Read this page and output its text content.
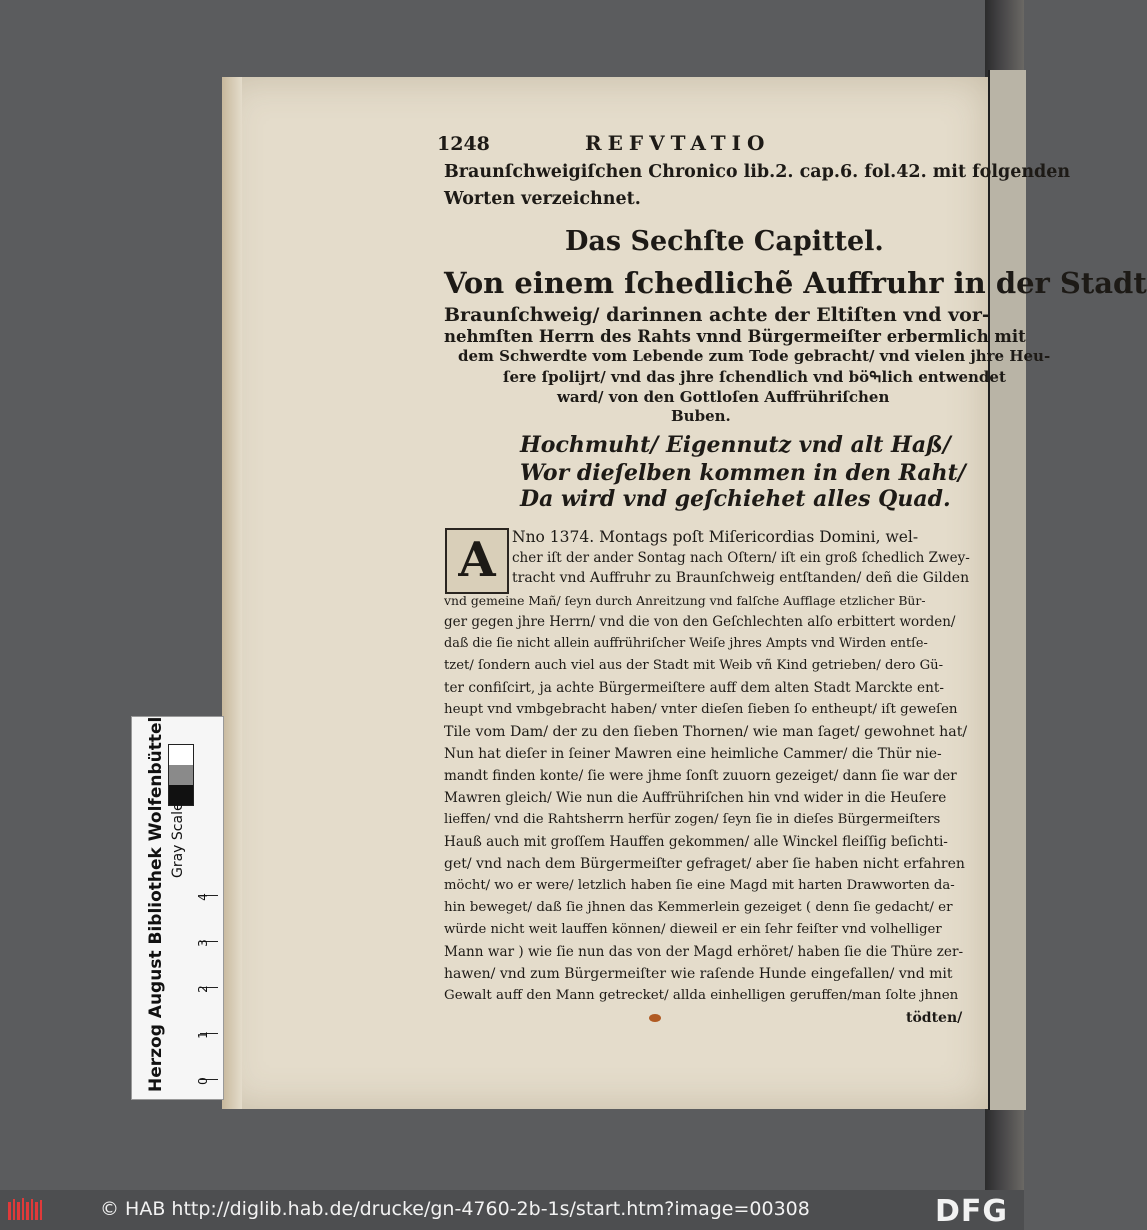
1248	REFVTATIO
Braunſchweigiſchen Chronico lib.2. cap.6. fol.42. mit folgenden
Worten verzeichnet.
Das Sechſte Capittel.
Von einem ſchedlichẽ Auffruhr in der Stadt
Braunſchweig/ darinnen achte der Eltiſten vnd vor-
nehmſten Herrn des Rahts vnnd Bürgermeiſter erbermlich mit
dem Schwerdte vom Lebende zum Tode gebracht/ vnd vielen jhre Heu-
ſere ſpolijrt/ vnd das jhre ſchendlich vnd böߒlich entwendet
ward/ von den Gottloſen Auffrühriſchen
Buben.
Hochmuht/ Eigennutz vnd alt Haß/
Wor dieſelben kommen in den Raht/
Da wird vnd geſchiehet alles Quad.
A	Nno 1374. Montags poſt Miſericordias Domini, wel-
cher iſt der ander Sontag nach Oſtern/ iſt ein groß ſchedlich Zwey-
tracht vnd Auffruhr zu Braunſchweig entſtanden/ deñ die Gilden
vnd gemeine Mañ/ ſeyn durch Anreitzung vnd falſche Aufflage etzlicher Bür-
ger gegen jhre Herrn/ vnd die von den Geſchlechten alſo erbittert worden/
daß die ſie nicht allein auffrühriſcher Weiſe jhres Ampts vnd Wirden entſe-
tzet/ ſondern auch viel aus der Stadt mit Weib vñ Kind getrieben/ dero Gü-
ter confiſcirt, ja achte Bürgermeiſtere auff dem alten Stadt Marckte ent-
heupt vnd vmbgebracht haben/ vnter dieſen ſieben ſo entheupt/ iſt geweſen
Tile vom Dam/ der zu den ſieben Thornen/ wie man ſaget/ gewohnet hat/
Nun hat dieſer in ſeiner Mawren eine heimliche Cammer/ die Thür nie-
mandt finden konte/ ſie were jhme ſonſt zuuorn gezeiget/ dann ſie war der
Mawren gleich/ Wie nun die Auffrühriſchen hin vnd wider in die Heuſere
lieffen/ vnd die Rahtsherrn herfür zogen/ ſeyn ſie in dieſes Bürgermeiſters
Hauß auch mit groſſem Hauffen gekommen/ alle Winckel fleiſſig beſichti-
get/ vnd nach dem Bürgermeiſter gefraget/ aber ſie haben nicht erfahren
möcht/ wo er were/ letzlich haben ſie eine Magd mit harten Drawworten da-
hin beweget/ daß ſie jhnen das Kemmerlein gezeiget ( denn ſie gedacht/ er
würde nicht weit lauffen können/ dieweil er ein ſehr feiſter vnd volhelliger
Mann war ) wie ſie nun das von der Magd erhöret/ haben ſie die Thüre zer-
hawen/ vnd zum Bürgermeiſter wie raſende Hunde eingefallen/ vnd mit
Gewalt auff den Mann getrecket/ allda einhelligen geruffen/man ſolte jhnen
tödten/
Herzog August Bibliothek Wolfenbüttel Gray Scale
0
1
2
3
4
© HAB http://diglib.hab.de/drucke/gn-4760-2b-1s/start.htm?image=00308	DFG
